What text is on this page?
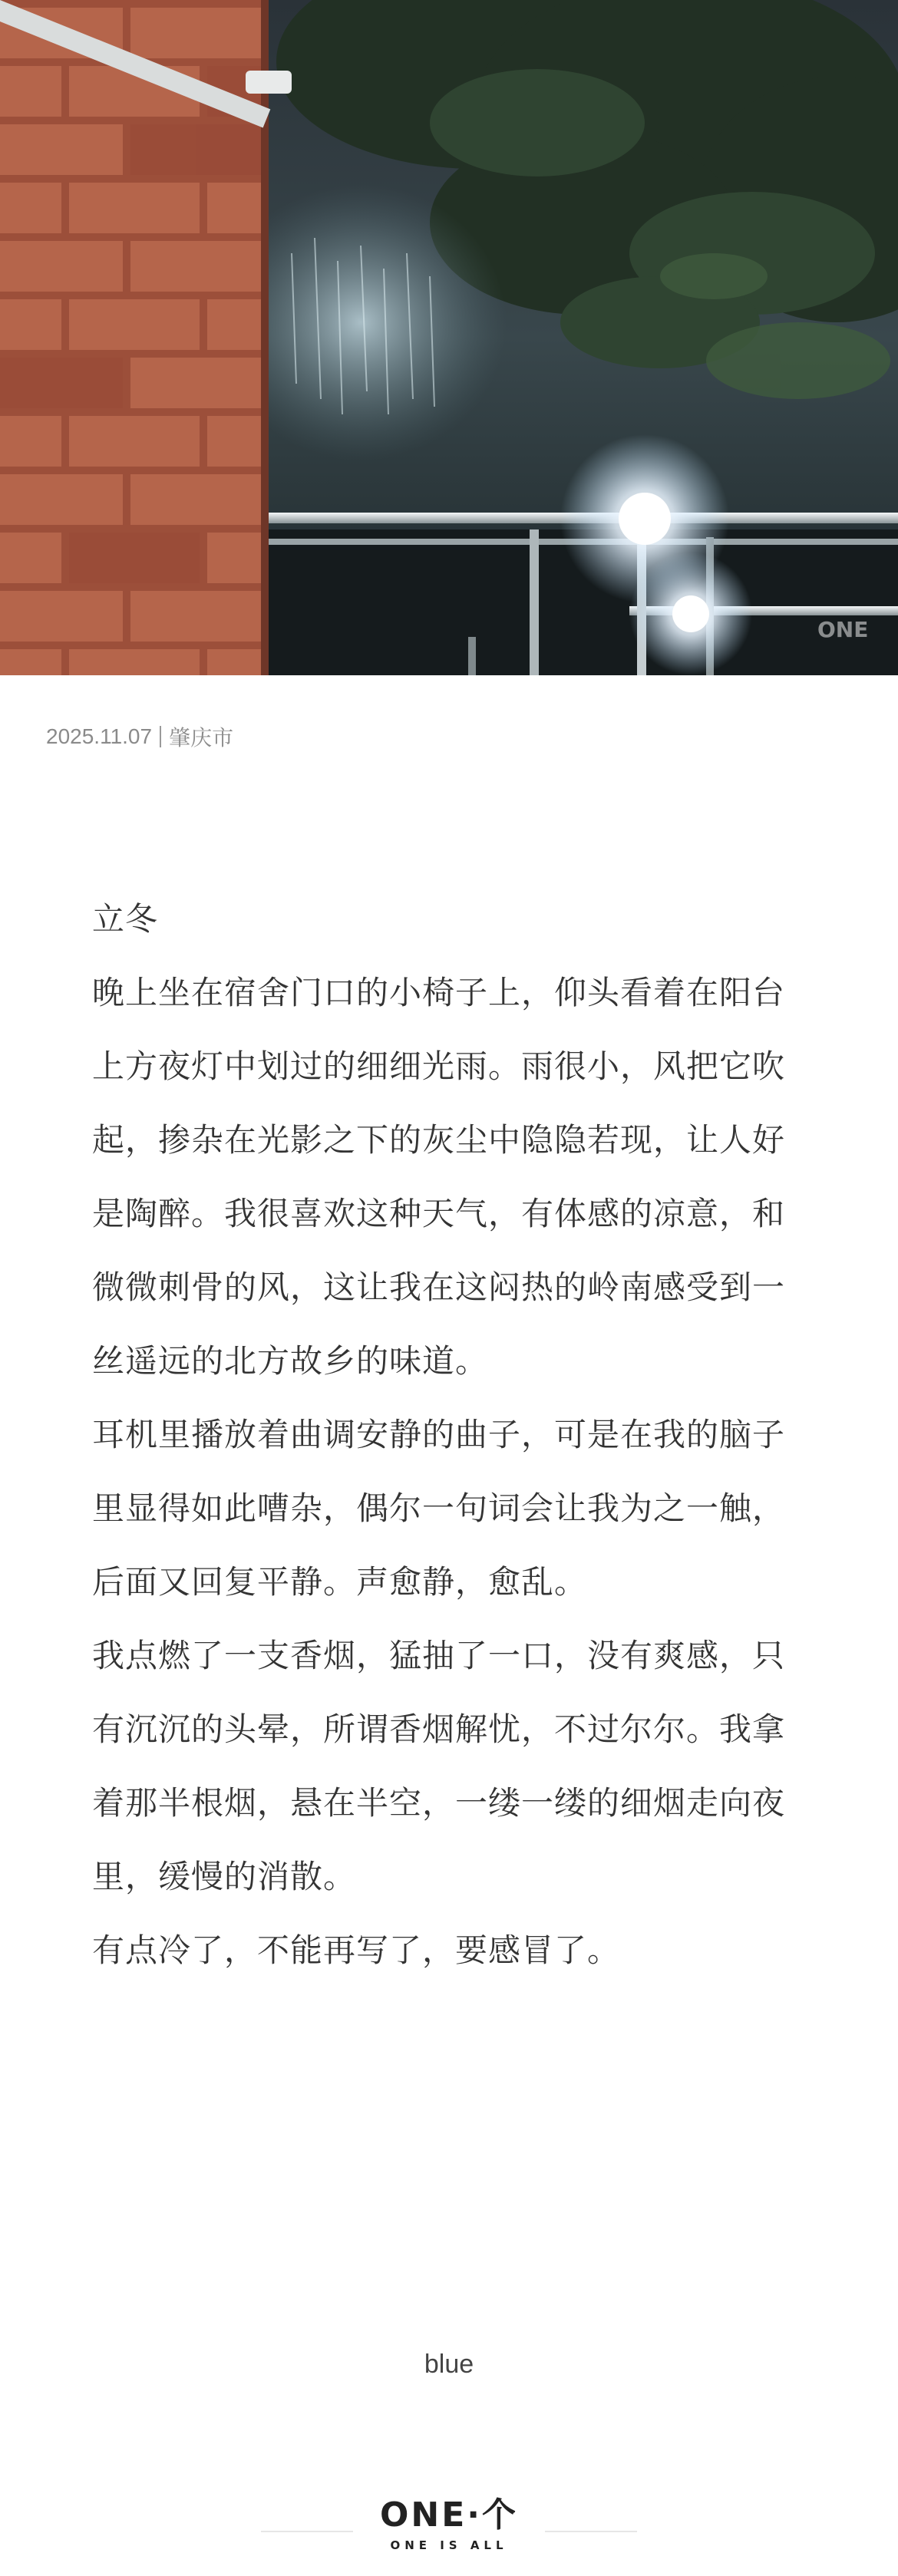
ONE
2025.11.07 肇庆市

立冬

晚上坐在宿舍门口的小椅子上，仰头看着在阳台上方夜灯中划过的细细光雨。雨很小，风把它吹起，掺杂在光影之下的灰尘中隐隐若现，让人好是陶醉。我很喜欢这种天气，有体感的凉意，和微微刺骨的风，这让我在这闷热的岭南感受到一丝遥远的北方故乡的味道。

耳机里播放着曲调安静的曲子，可是在我的脑子里显得如此嘈杂，偶尔一句词会让我为之一触，后面又回复平静。声愈静，愈乱。

我点燃了一支香烟，猛抽了一口，没有爽感，只有沉沉的头晕，所谓香烟解忧，不过尔尔。我拿着那半根烟，悬在半空，一缕一缕的细烟走向夜里，缓慢的消散。

有点冷了，不能再写了，要感冒了。

blue
ONE·个
ONE IS ALL
